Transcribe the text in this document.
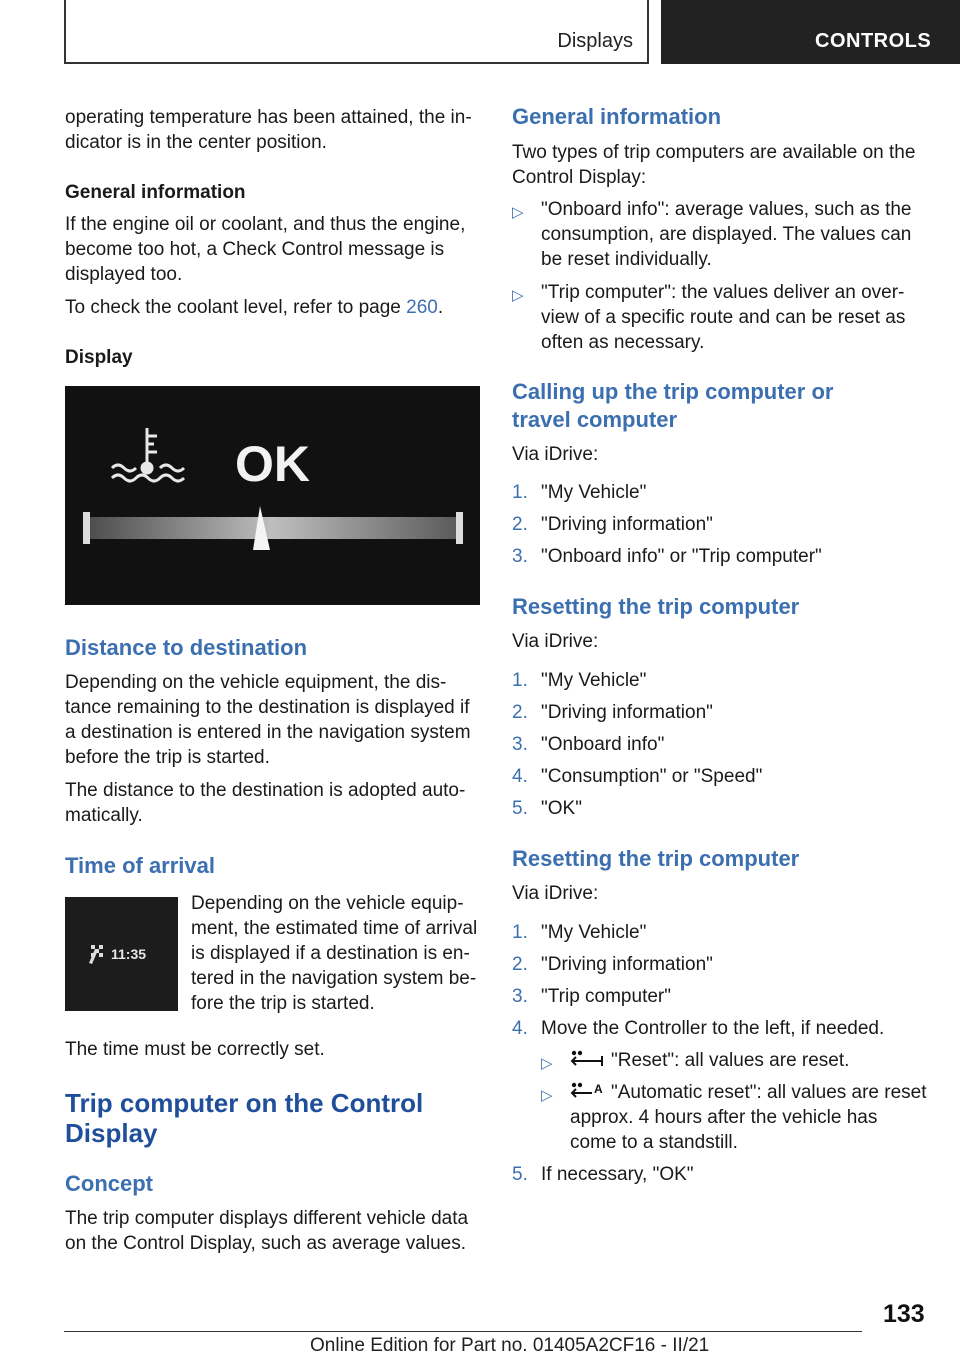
Displays	CONTROLS

operating temperature has been attained, the in-

dicator is in the center position.

General information

If the engine oil or coolant, and thus the engine,

become too hot, a Check Control message is

displayed too.

To check the coolant level, refer to page 260.

Display

OK
Distance to destination

Depending on the vehicle equipment, the dis-

tance remaining to the destination is displayed if

a destination is entered in the navigation system

before the trip is started.

The distance to the destination is adopted auto-

matically.

Time of arrival

Depending on the vehicle equip-

ment, the estimated time of arrival

is displayed if a destination is en-

tered in the navigation system be-

fore the trip is started.

The time must be correctly set.

Trip computer on the Control
Display
Concept

The trip computer displays different vehicle data

on the Control Display, such as average values.

11:35
General information

Two types of trip computers are available on the

Control Display:

▷ "Onboard info": average values, such as the
consumption, are displayed. The values can
be reset individually.
▷ "Trip computer": the values deliver an over-
view of a specific route and can be reset as
often as necessary.
Calling up the trip computer or
travel computer

Via iDrive:

1. "My Vehicle"
2. "Driving information"
3. "Onboard info" or "Trip computer"
Resetting the trip computer

Via iDrive:

1. "My Vehicle"
2. "Driving information"
3. "Onboard info"
4. "Consumption" or "Speed"
5. "OK"
Resetting the trip computer

Via iDrive:

1. "My Vehicle"
2. "Driving information"
3. "Trip computer"
4. Move the Controller to the left, if needed.
▷	"Reset": all values are reset.
▷	A "Automatic reset": all values are reset
approx. 4 hours after the vehicle has
come to a standstill.
5. If necessary, "OK"
133
Online Edition for Part no. 01405A2CF16 - II/21
